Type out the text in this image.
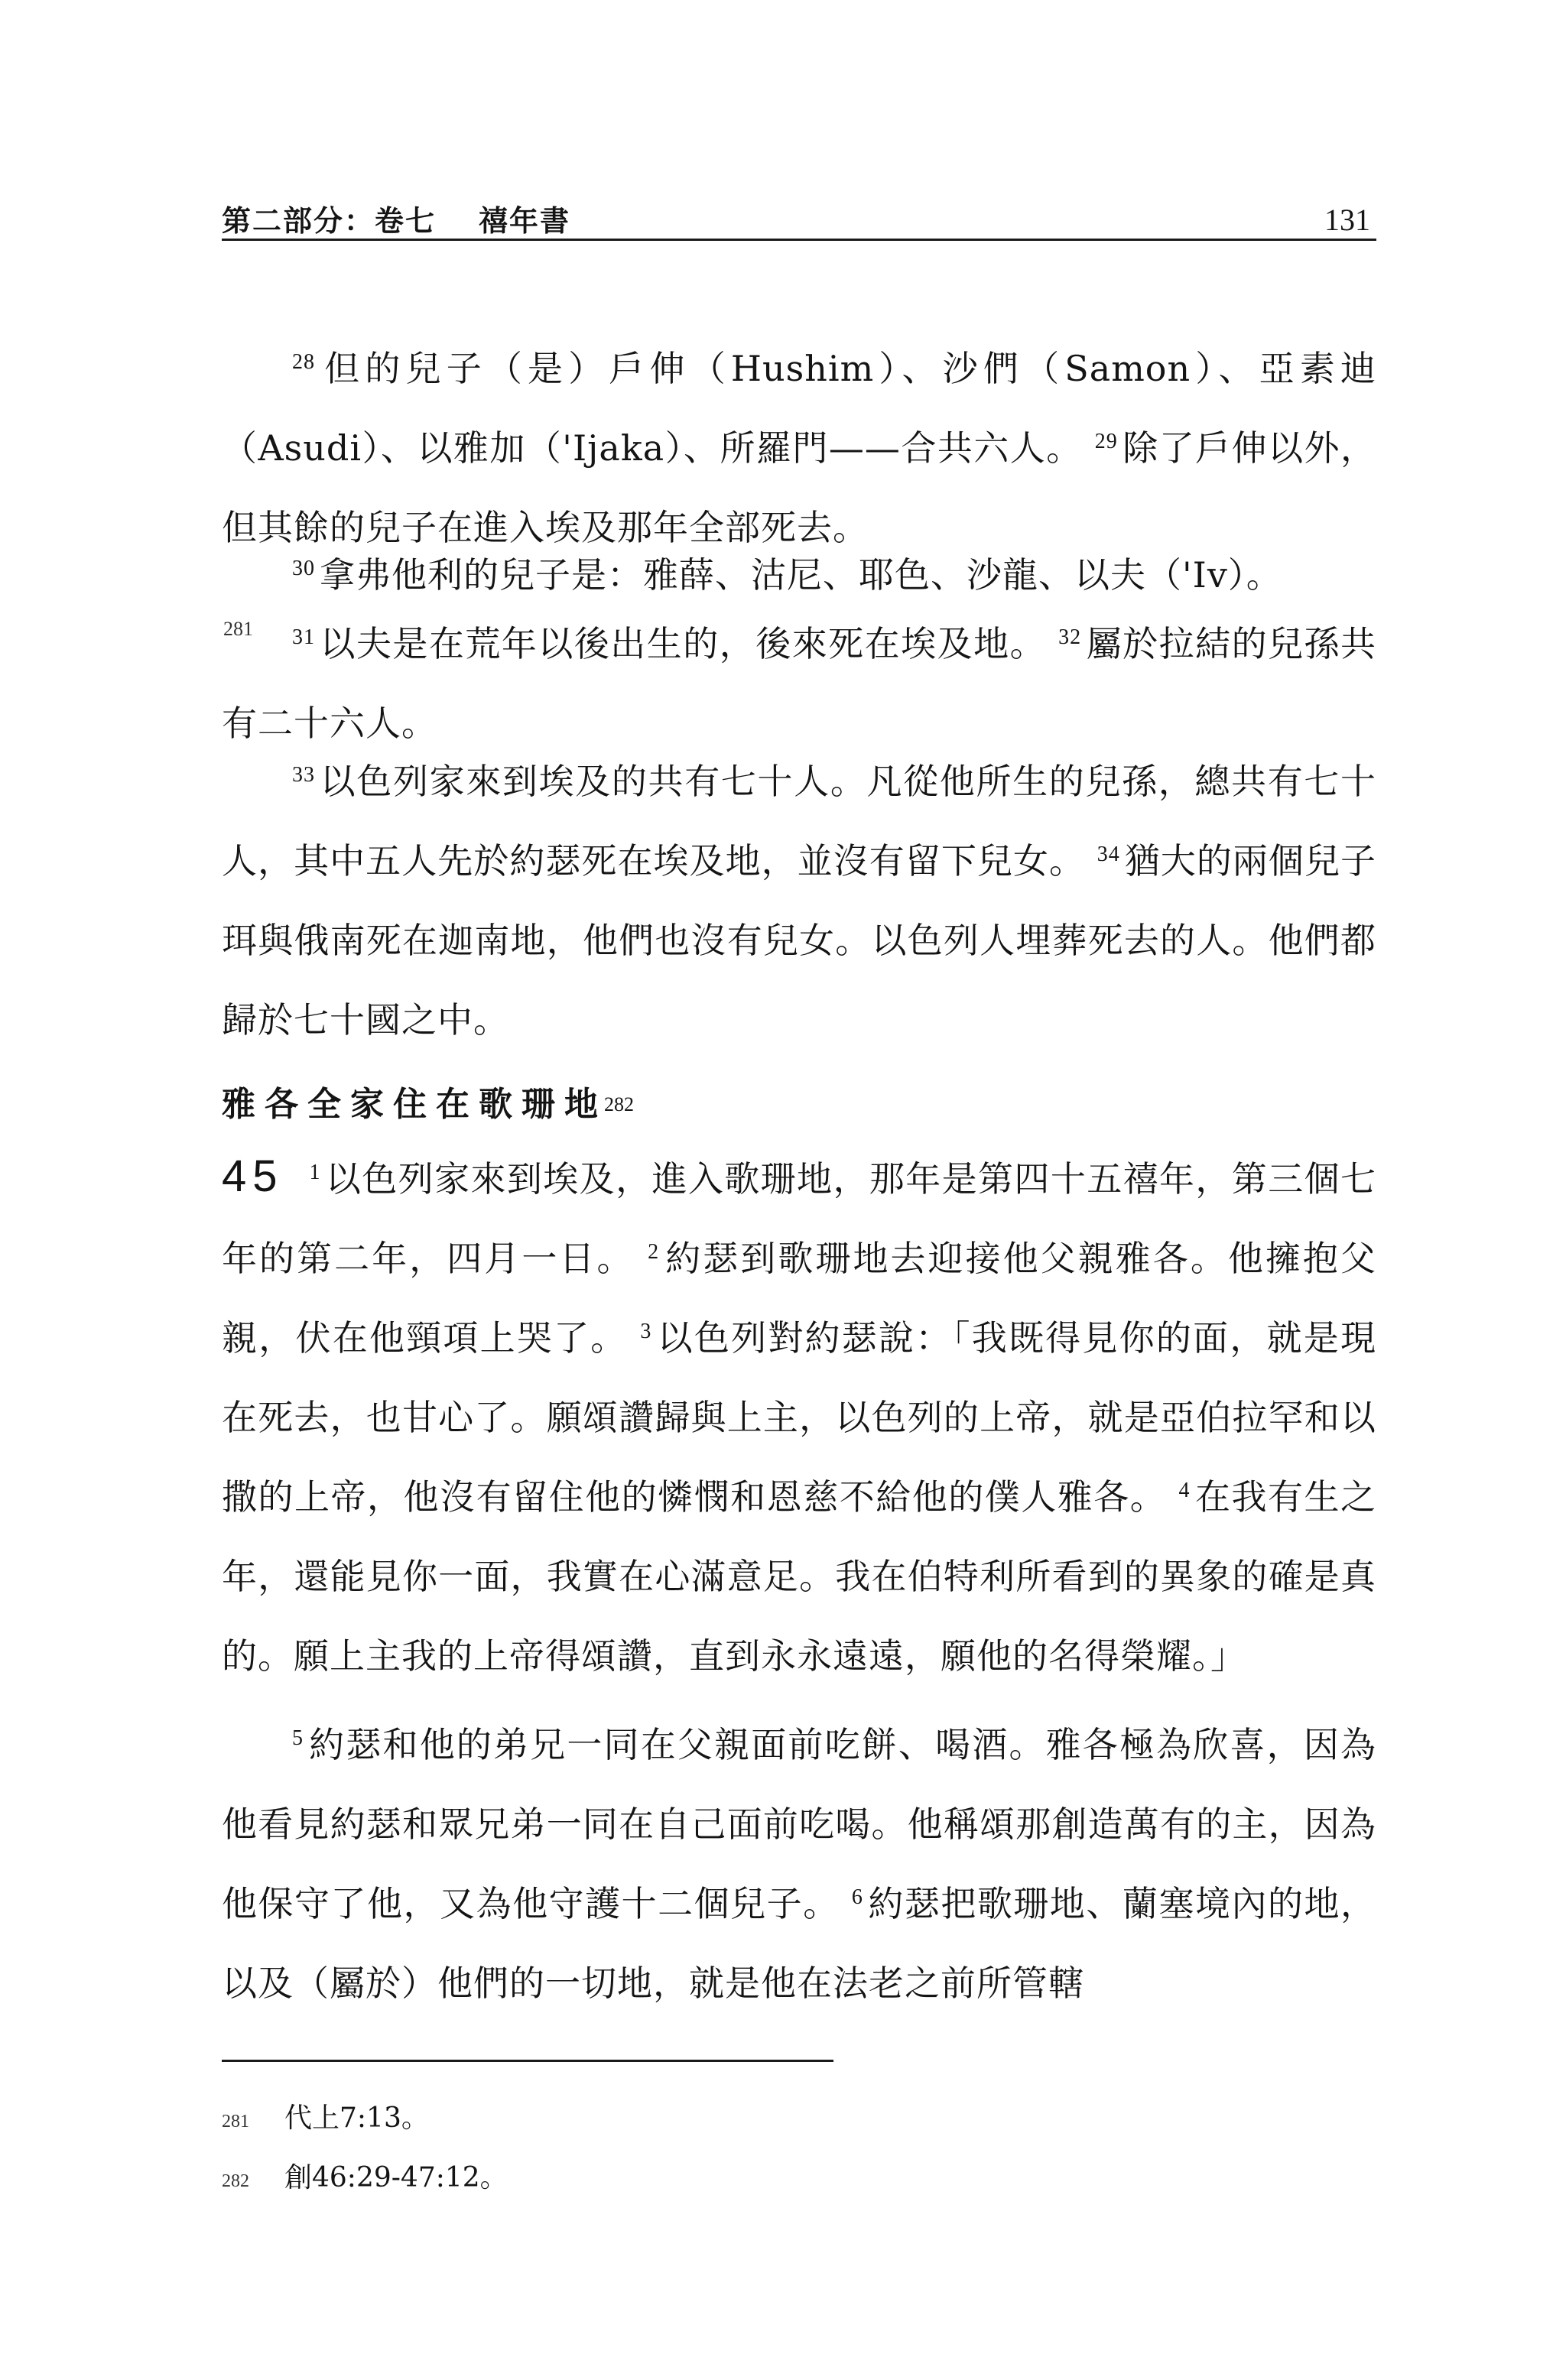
第二部分：卷七 禧年書	131

$^{28}$ 但的兒子（是）戶伸（Hushim）、沙們（Samon）、亞素迪（Asudi）、以雅加（'Ijaka）、所羅門——合共六人。 $^{29}$ 除了戶伸以外，但其餘的兒子在進入埃及那年全部死去。

$^{30}$ 拿弗他利的兒子是：雅薛、沽尼、耶色、沙龍、以夫（'Iv）。

281	$^{31}$ 以夫是在荒年以後出生的，後來死在埃及地。 $^{32}$ 屬於拉結的兒孫共有二十六人。

$^{33}$ 以色列家來到埃及的共有七十人。凡從他所生的兒孫，總共有七十人，其中五人先於約瑟死在埃及地，並沒有留下兒女。 $^{34}$ 猶大的兩個兒子珥與俄南死在迦南地，他們也沒有兒女。以色列人埋葬死去的人。他們都歸於七十國之中。

雅各全家住在歌珊地282

45 $^1$ 以色列家來到埃及，進入歌珊地，那年是第四十五禧年，第三個七年的第二年，四月一日。 $^2$ 約瑟到歌珊地去迎接他父親雅各。他擁抱父親，伏在他頸項上哭了。 $^3$ 以色列對約瑟說：「我既得見你的面，就是現在死去，也甘心了。願頌讚歸與上主，以色列的上帝，就是亞伯拉罕和以撒的上帝，他沒有留住他的憐憫和恩慈不給他的僕人雅各。 $^4$ 在我有生之年，還能見你一面，我實在心滿意足。我在伯特利所看到的異象的確是真的。願上主我的上帝得頌讚，直到永永遠遠，願他的名得榮耀。」

$^5$ 約瑟和他的弟兄一同在父親面前吃餅、喝酒。雅各極為欣喜，因為他看見約瑟和眾兄弟一同在自己面前吃喝。他稱頌那創造萬有的主，因為他保守了他，又為他守護十二個兒子。 $^6$ 約瑟把歌珊地、蘭塞境內的地，以及（屬於）他們的一切地，就是他在法老之前所管轄

281 代上7:13。
282 創46:29-47:12。
